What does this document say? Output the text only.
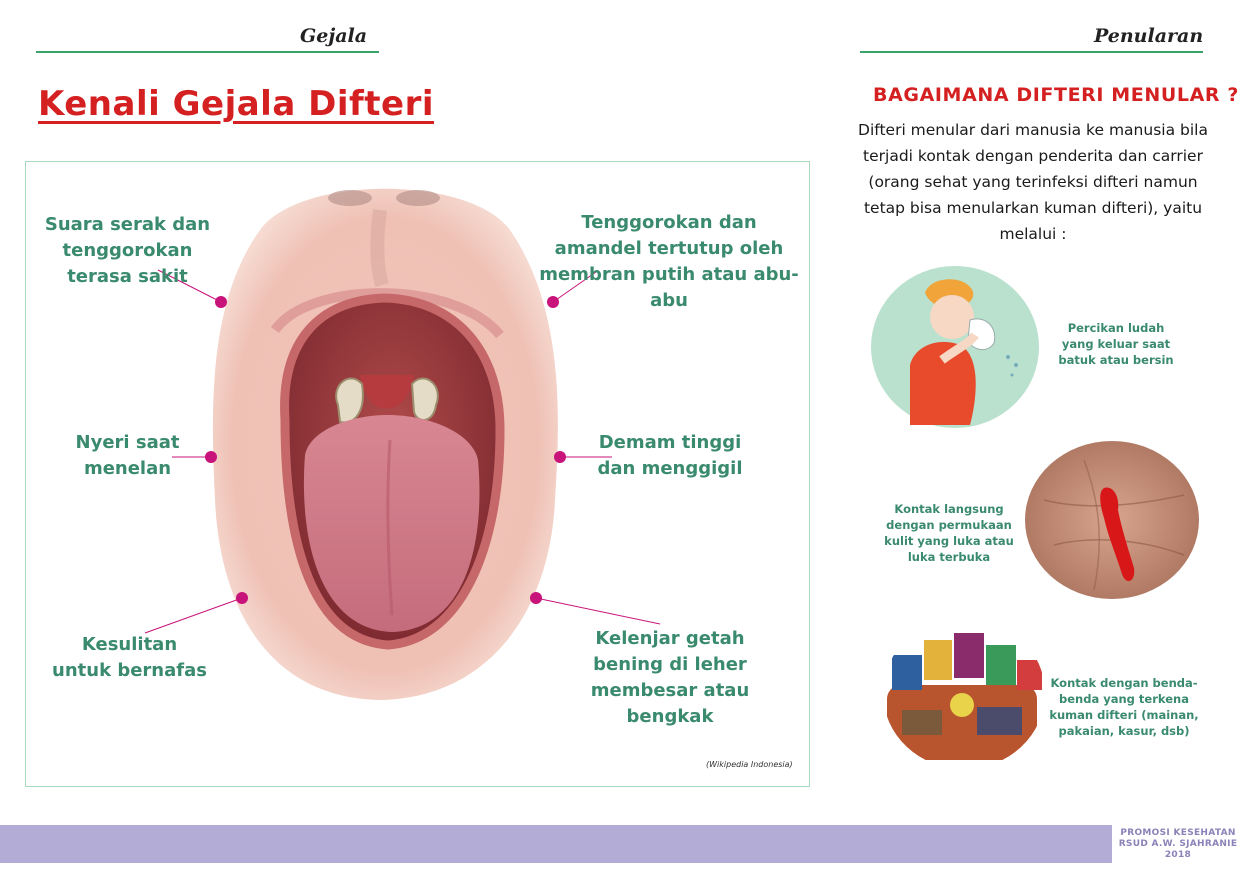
Gejala	Penularan
Kenali Gejala Difteri
Suara serak dan tenggorokan terasa sakit
Tenggorokan dan amandel tertutup oleh membran putih atau abu-abu
Nyeri saat menelan
Demam tinggi dan menggigil
Kesulitan untuk bernafas
Kelenjar getah bening di leher membesar atau bengkak
(Wikipedia Indonesia)
BAGAIMANA DIFTERI MENULAR ?
Difteri menular dari manusia ke manusia bila terjadi kontak dengan penderita dan carrier (orang sehat yang terinfeksi difteri namun tetap bisa menularkan kuman difteri), yaitu melalui :
Percikan ludah yang keluar saat batuk atau bersin
Kontak langsung dengan permukaan kulit yang luka atau luka terbuka
Kontak dengan benda-benda yang terkena kuman difteri (mainan, pakaian, kasur, dsb)
PROMOSI KESEHATAN
RSUD A.W. SJAHRANIE
2018
